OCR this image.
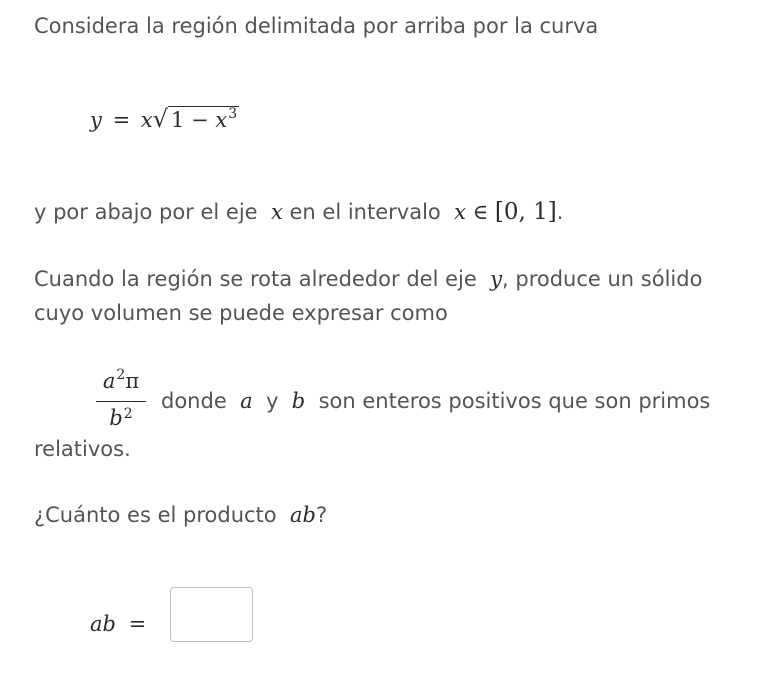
Considera la región delimitada por arriba por la curva
y = x√ $1 - x^3$
y por abajo por el eje x en el intervalo x ∈ [0, 1].
Cuando la región se rota alrededor del eje y, produce un sólido
cuyo volumen se puede expresar como
$a^2\pi$
$b^2$
donde a y b son enteros positivos que son primos
relativos.
¿Cuánto es el producto ab?
ab =
